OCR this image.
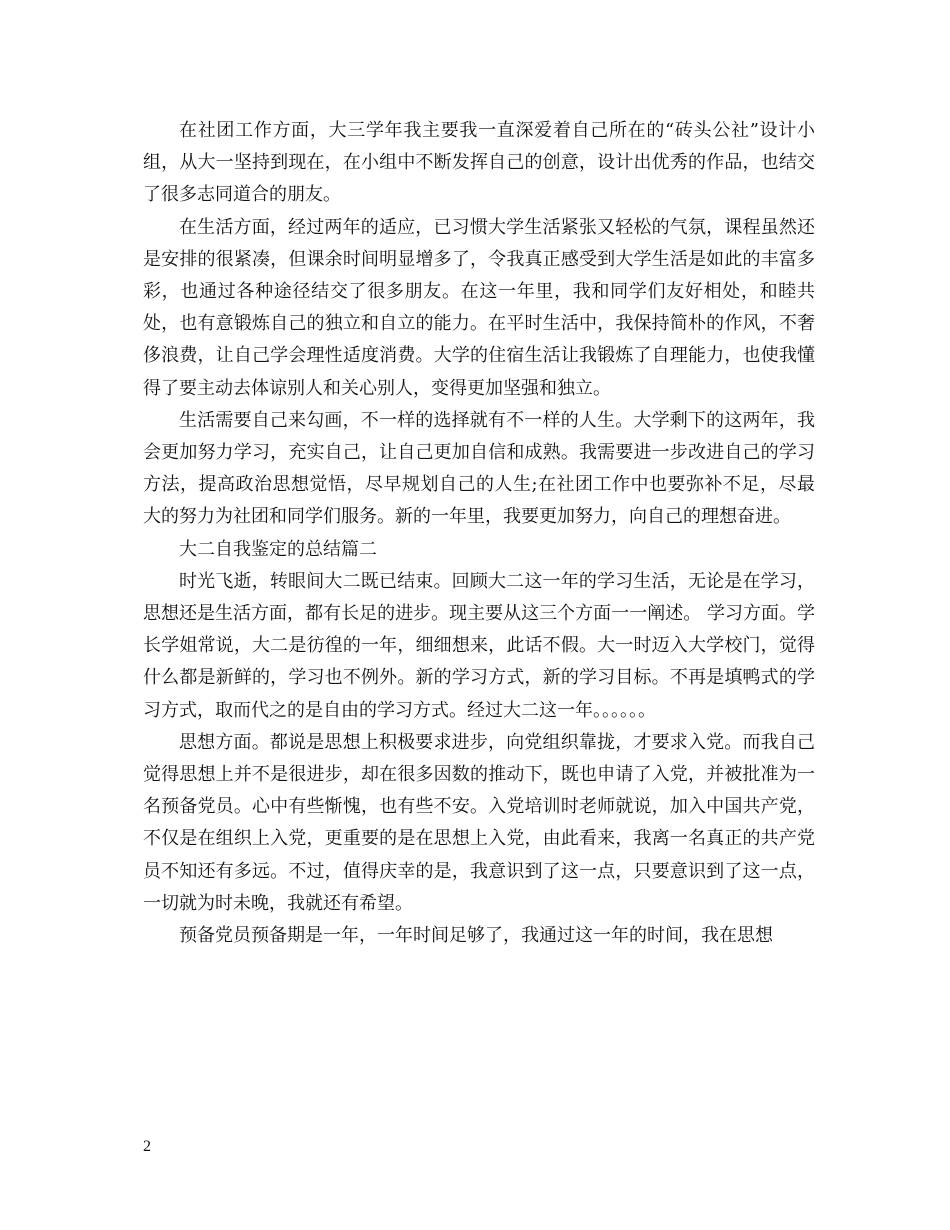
在社团工作方面，大三学年我主要我一直深爱着自己所在的“砖头公社”设计小组，从大一坚持到现在，在小组中不断发挥自己的创意，设计出优秀的作品，也结交了很多志同道合的朋友。

在生活方面，经过两年的适应，已习惯大学生活紧张又轻松的气氛，课程虽然还是安排的很紧凑，但课余时间明显增多了，令我真正感受到大学生活是如此的丰富多彩，也通过各种途径结交了很多朋友。在这一年里，我和同学们友好相处，和睦共处，也有意锻炼自己的独立和自立的能力。在平时生活中，我保持简朴的作风，不奢侈浪费，让自己学会理性适度消费。大学的住宿生活让我锻炼了自理能力，也使我懂得了要主动去体谅别人和关心别人，变得更加坚强和独立。

生活需要自己来勾画，不一样的选择就有不一样的人生。大学剩下的这两年，我会更加努力学习，充实自己，让自己更加自信和成熟。我需要进一步改进自己的学习方法，提高政治思想觉悟，尽早规划自己的人生;在社团工作中也要弥补不足，尽最大的努力为社团和同学们服务。新的一年里，我要更加努力，向自己的理想奋进。

大二自我鉴定的总结篇二

时光飞逝，转眼间大二既已结束。回顾大二这一年的学习生活，无论是在学习，思想还是生活方面，都有长足的进步。现主要从这三个方面一一阐述。 学习方面。学长学姐常说，大二是彷徨的一年，细细想来，此话不假。大一时迈入大学校门，觉得什么都是新鲜的，学习也不例外。新的学习方式，新的学习目标。不再是填鸭式的学习方式，取而代之的是自由的学习方式。经过大二这一年。。。。。。

思想方面。都说是思想上积极要求进步，向党组织靠拢，才要求入党。而我自己觉得思想上并不是很进步，却在很多因数的推动下，既也申请了入党，并被批准为一名预备党员。心中有些惭愧，也有些不安。入党培训时老师就说，加入中国共产党，不仅是在组织上入党，更重要的是在思想上入党，由此看来，我离一名真正的共产党员不知还有多远。不过，值得庆幸的是，我意识到了这一点，只要意识到了这一点，一切就为时未晚，我就还有希望。

预备党员预备期是一年，一年时间足够了，我通过这一年的时间，我在思想

2
